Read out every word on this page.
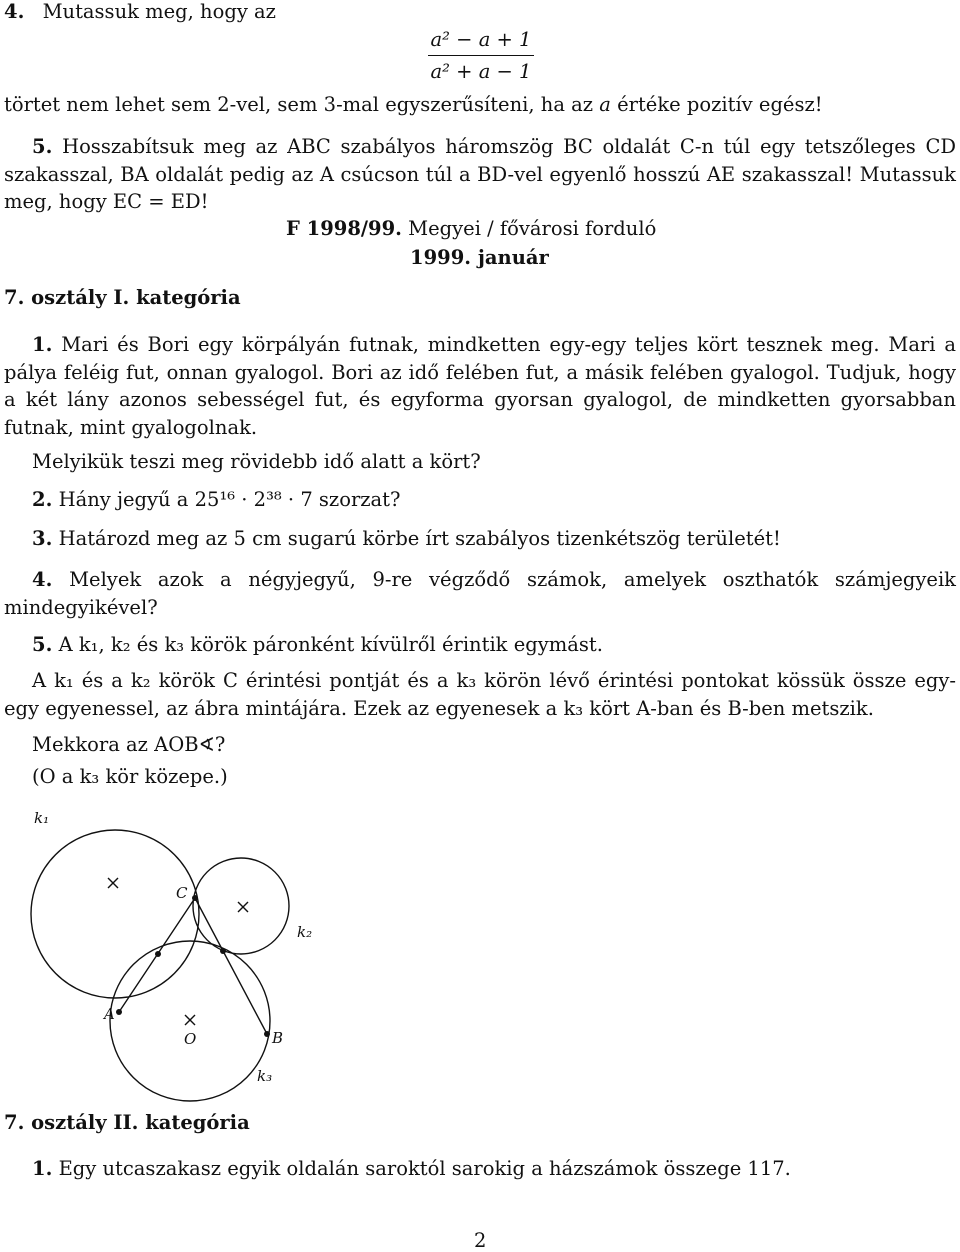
4. Mutassuk meg, hogy az
a² − a + 1
a² + a − 1
törtet nem lehet sem 2-vel, sem 3-mal egyszerűsíteni, ha az a értéke pozitív egész!
5. Hosszabítsuk meg az ABC szabályos háromszög BC oldalát C-n túl egy tetszőleges CD szakasszal, BA oldalát pedig az A csúcson túl a BD-vel egyenlő hosszú AE szakasszal! Mutassuk meg, hogy EC = ED!
F 1998/99. Megyei / fővárosi forduló
1999. január
7. osztály I. kategória
1. Mari és Bori egy körpályán futnak, mindketten egy-egy teljes kört tesznek meg. Mari a pálya feléig fut, onnan gyalogol. Bori az idő felében fut, a másik felében gyalogol. Tudjuk, hogy a két lány azonos sebességel fut, és egyforma gyorsan gyalogol, de mindketten gyorsabban futnak, mint gyalogolnak.
Melyikük teszi meg rövidebb idő alatt a kört?
2. Hány jegyű a 25¹⁶ · 2³⁸ · 7 szorzat?
3. Határozd meg az 5 cm sugarú körbe írt szabályos tizenkétszög területét!
4. Melyek azok a négyjegyű, 9-re végződő számok, amelyek oszthatók számjegyeik mindegyikével?
5. A k₁, k₂ és k₃ körök páronként kívülről érintik egymást.
A k₁ és a k₂ körök C érintési pontját és a k₃ körön lévő érintési pontokat kössük össze egy-egy egyenessel, az ábra mintájára. Ezek az egyenesek a k₃ kört A-ban és B-ben metszik.
Mekkora az AOB∢?
(O a k₃ kör közepe.)
k₁
k₂
k₃
C
A
B
O
7. osztály II. kategória
1. Egy utcaszakasz egyik oldalán saroktól sarokig a házszámok összege 117.
2
